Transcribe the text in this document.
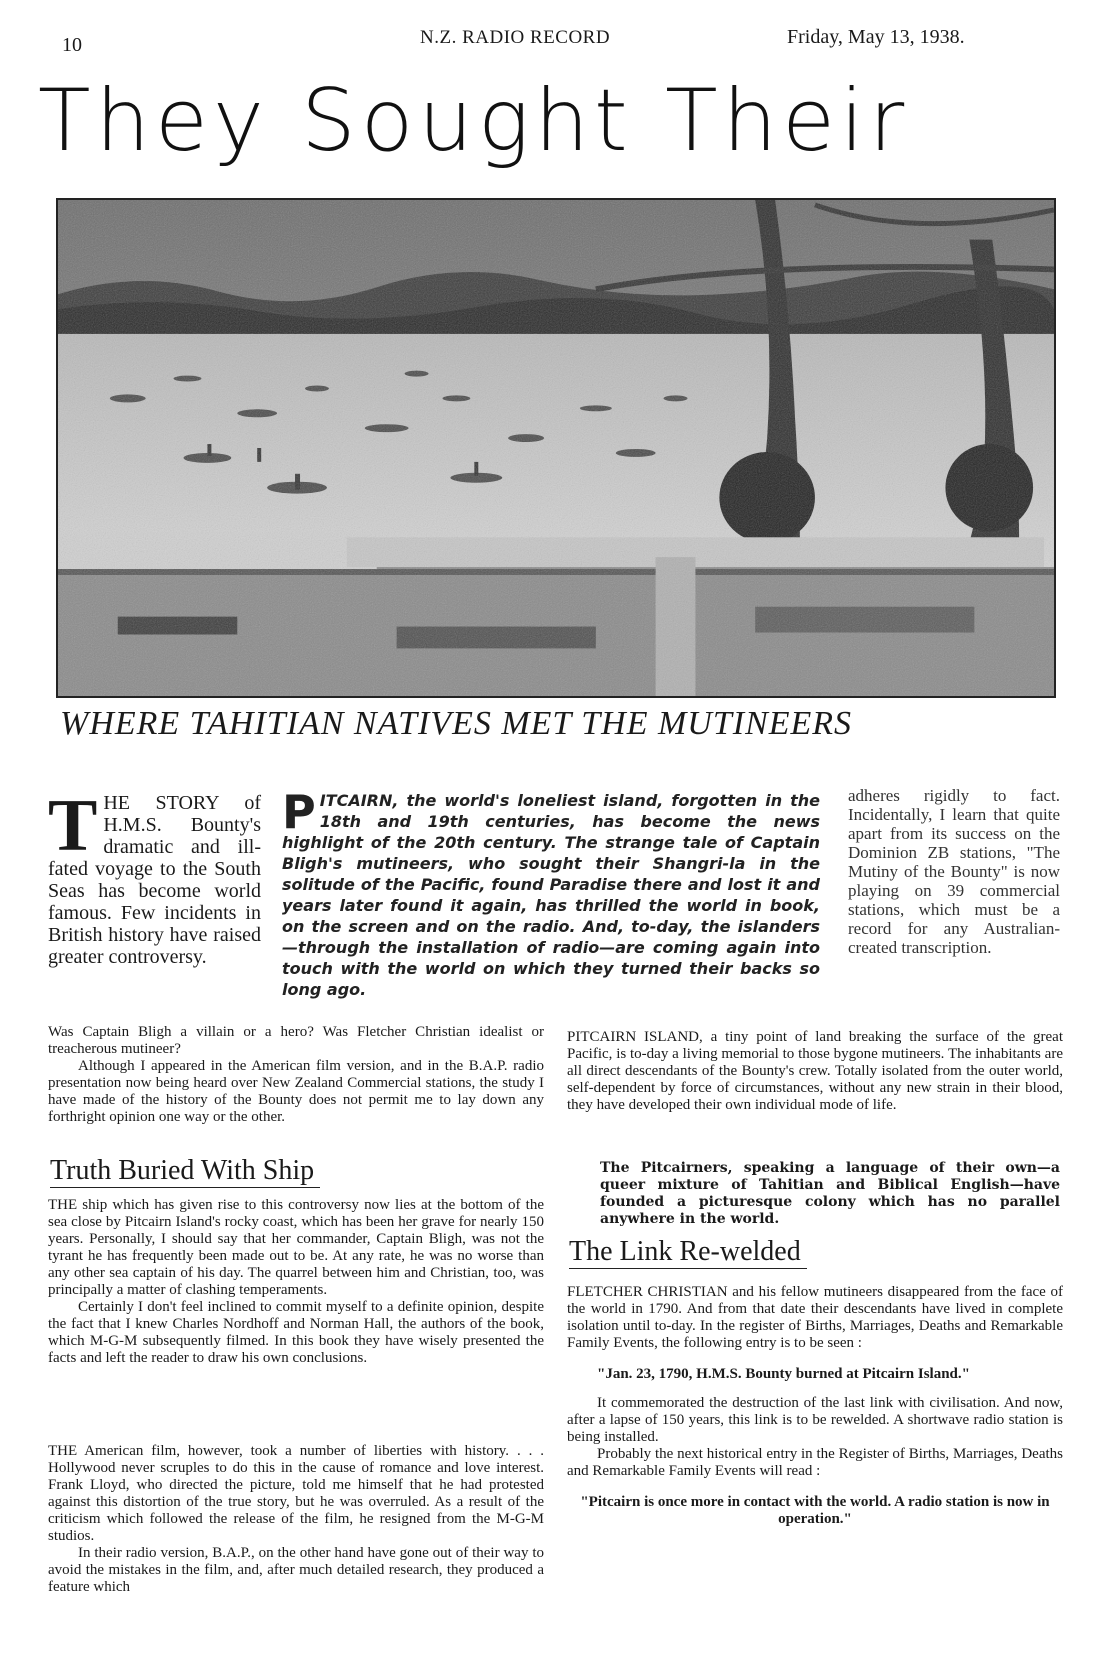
10	N.Z. RADIO RECORD	Friday, May 13, 1938.
They Sought Their
WHERE TAHITIAN NATIVES MET THE MUTINEERS
THE STORY of H.M.S. Bounty's dramatic and ill-fated voyage to the South Seas has become world famous. Few incidents in British history have raised greater controversy.
PITCAIRN, the world's loneliest island, forgotten in the 18th and 19th centuries, has become the news highlight of the 20th century. The strange tale of Captain Bligh's mutineers, who sought their Shangri-la in the solitude of the Pacific, found Paradise there and lost it and years later found it again, has thrilled the world in book, on the screen and on the radio. And, to-day, the islanders—through the installation of radio—are coming again into touch with the world on which they turned their backs so long ago.
adheres rigidly to fact. Incidentally, I learn that quite apart from its success on the Dominion ZB stations, "The Mutiny of the Bounty" is now playing on 39 commercial stations, which must be a record for any Australian-created transcription.

Was Captain Bligh a villain or a hero? Was Fletcher Christian idealist or treacherous mutineer?

Although I appeared in the American film version, and in the B.A.P. radio presentation now being heard over New Zealand Commercial stations, the study I have made of the history of the Bounty does not permit me to lay down any forthright opinion one way or the other.

Truth Buried With Ship

THE ship which has given rise to this controversy now lies at the bottom of the sea close by Pitcairn Island's rocky coast, which has been her grave for nearly 150 years. Personally, I should say that her commander, Captain Bligh, was not the tyrant he has frequently been made out to be. At any rate, he was no worse than any other sea captain of his day. The quarrel between him and Christian, too, was principally a matter of clashing temperaments.

Certainly I don't feel inclined to commit myself to a definite opinion, despite the fact that I knew Charles Nordhoff and Norman Hall, the authors of the book, which M-G-M subsequently filmed. In this book they have wisely presented the facts and left the reader to draw his own conclusions.

THE American film, however, took a number of liberties with history. . . . Hollywood never scruples to do this in the cause of romance and love interest. Frank Lloyd, who directed the picture, told me himself that he had protested against this distortion of the true story, but he was overruled. As a result of the criticism which followed the release of the film, he resigned from the M-G-M studios.

In their radio version, B.A.P., on the other hand have gone out of their way to avoid the mistakes in the film, and, after much detailed research, they produced a feature which

PITCAIRN ISLAND, a tiny point of land breaking the surface of the great Pacific, is to-day a living memorial to those bygone mutineers. The inhabitants are all direct descendants of the Bounty's crew. Totally isolated from the outer world, self-dependent by force of circumstances, without any new strain in their blood, they have developed their own individual mode of life.

The Pitcairners, speaking a language of their own—a queer mixture of Tahitian and Biblical English—have founded a picturesque colony which has no parallel anywhere in the world.
The Link Re-welded

FLETCHER CHRISTIAN and his fellow mutineers disappeared from the face of the world in 1790. And from that date their descendants have lived in complete isolation until to-day. In the register of Births, Marriages, Deaths and Remarkable Family Events, the following entry is to be seen :

"Jan. 23, 1790, H.M.S. Bounty burned at Pitcairn Island."

It commemorated the destruction of the last link with civilisation. And now, after a lapse of 150 years, this link is to be rewelded. A shortwave radio station is being installed.

Probably the next historical entry in the Register of Births, Marriages, Deaths and Remarkable Family Events will read :

"Pitcairn is once more in contact with the world. A radio station is now in operation."
